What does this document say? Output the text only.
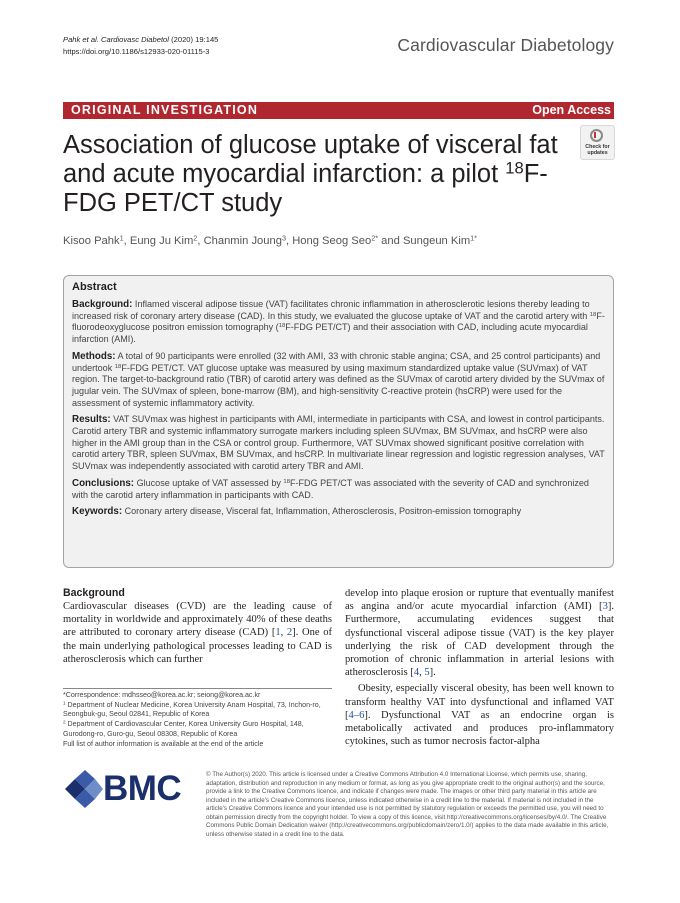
Pahk et al. Cardiovasc Diabetol (2020) 19:145
https://doi.org/10.1186/s12933-020-01115-3	Cardiovascular Diabetology
ORIGINAL INVESTIGATION	Open Access
Check for
updates
Association of glucose uptake of visceral fat and acute myocardial infarction: a pilot $^{18}$F-FDG PET/CT study
Kisoo Pahk$^1$, Eung Ju Kim$^2$, Chanmin Joung$^3$, Hong Seog Seo$^{2*}$ and Sungeun Kim$^{1*}$
Abstract

Background: Inflamed visceral adipose tissue (VAT) facilitates chronic inflammation in atherosclerotic lesions thereby leading to increased risk of coronary artery disease (CAD). In this study, we evaluated the glucose uptake of VAT and the carotid artery with $^{18}$F-fluorodeoxyglucose positron emission tomography ($^{18}$F-FDG PET/CT) and their association with CAD, including acute myocardial infarction (AMI).

Methods: A total of 90 participants were enrolled (32 with AMI, 33 with chronic stable angina; CSA, and 25 control participants) and undertook $^{18}$F-FDG PET/CT. VAT glucose uptake was measured by using maximum standardized uptake value (SUVmax) of VAT region. The target-to-background ratio (TBR) of carotid artery was defined as the SUVmax of carotid artery divided by the SUVmax of jugular vein. The SUVmax of spleen, bone-marrow (BM), and high-sensitivity C-reactive protein (hsCRP) were used for the assessment of systemic inflammatory activity.

Results: VAT SUVmax was highest in participants with AMI, intermediate in participants with CSA, and lowest in control participants. Carotid artery TBR and systemic inflammatory surrogate markers including spleen SUVmax, BM SUVmax, and hsCRP were also higher in the AMI group than in the CSA or control group. Furthermore, VAT SUVmax showed significant positive correlation with carotid artery TBR, spleen SUVmax, BM SUVmax, and hsCRP. In multivariate linear regression and logistic regression analyses, VAT SUVmax was independently associated with carotid artery TBR and AMI.

Conclusions: Glucose uptake of VAT assessed by $^{18}$F-FDG PET/CT was associated with the severity of CAD and synchronized with the carotid artery inflammation in participants with CAD.

Keywords: Coronary artery disease, Visceral fat, Inflammation, Atherosclerosis, Positron-emission tomography

Background

Cardiovascular diseases (CVD) are the leading cause of mortality in worldwide and approximately 40% of these deaths are attributed to coronary artery disease (CAD) [1, 2]. One of the main underlying pathological processes leading to CAD is atherosclerosis which can further

develop into plaque erosion or rupture that eventually manifest as angina and/or acute myocardial infarction (AMI) [3]. Furthermore, accumulating evidences suggest that dysfunctional visceral adipose tissue (VAT) is the key player underlying the risk of CAD development through the promotion of chronic inflammation in arterial lesions with atherosclerosis [4, 5].

Obesity, especially visceral obesity, has been well known to transform healthy VAT into dysfunctional and inflamed VAT [4–6]. Dysfunctional VAT as an endocrine organ is metabolically activated and produces pro-inflammatory cytokines, such as tumor necrosis factor-alpha

*Correspondence: mdhsseo@korea.ac.kr; seiong@korea.ac.kr

$^1$ Department of Nuclear Medicine, Korea University Anam Hospital, 73, Inchon-ro, Seongbuk-gu, Seoul 02841, Republic of Korea

$^2$ Department of Cardiovascular Center, Korea University Guro Hospital, 148, Gurodong-ro, Guro-gu, Seoul 08308, Republic of Korea

Full list of author information is available at the end of the article

BMC	© The Author(s) 2020. This article is licensed under a Creative Commons Attribution 4.0 International License, which permits use, sharing, adaptation, distribution and reproduction in any medium or format, as long as you give appropriate credit to the original author(s) and the source, provide a link to the Creative Commons licence, and indicate if changes were made. The images or other third party material in this article are included in the article's Creative Commons licence, unless indicated otherwise in a credit line to the material. If material is not included in the article's Creative Commons licence and your intended use is not permitted by statutory regulation or exceeds the permitted use, you will need to obtain permission directly from the copyright holder. To view a copy of this licence, visit http://creativecommons.org/licenses/by/4.0/. The Creative Commons Public Domain Dedication waiver (http://creativecommons.org/publicdomain/zero/1.0/) applies to the data made available in this article, unless otherwise stated in a credit line to the data.
